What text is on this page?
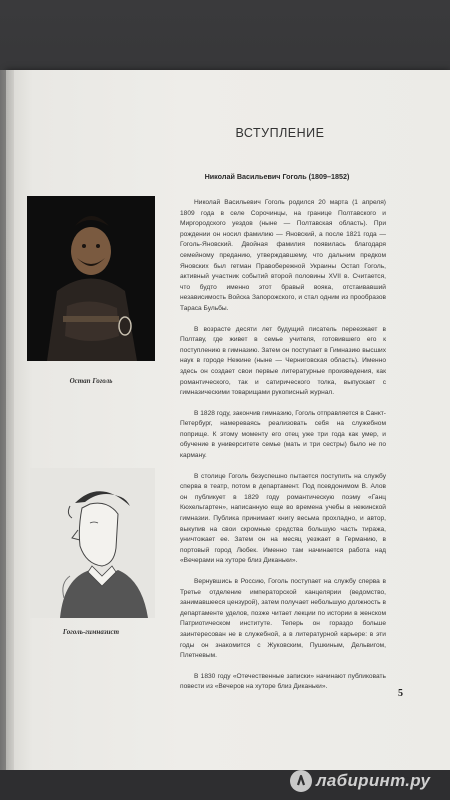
ВСТУПЛЕНИЕ
Николай Васильевич Гоголь (1809–1852)
Остап Гоголь
Гоголь-гимназист

Николай Васильевич Гоголь родился 20 марта (1 апреля) 1809 года в селе Сорочинцы, на границе Полтавского и Миргородского уездов (ныне — Полтавская область). При рождении он носил фамилию — Яновский, а после 1821 года — Гоголь-Яновский. Двойная фамилия появилась благодаря семейному преданию, утверждавшему, что дальним предком Яновских был гетман Правобережной Украины Остап Гоголь, активный участник событий второй половины XVII в. Считается, что будто именно этот бравый вояка, отстаивавший независимость Войска Запорожского, и стал одним из прообразов Тараса Бульбы.

В возрасте десяти лет будущий писатель переезжает в Полтаву, где живет в семье учителя, готовившего его к поступлению в гимназию. Затем он поступает в Гимназию высших наук в городе Нежине (ныне — Черниговская область). Именно здесь он создает свои первые литературные произведения, как романтического, так и сатирического толка, выпускает с гимназическими товарищами рукописный журнал.

В 1828 году, закончив гимназию, Гоголь отправляется в Санкт-Петербург, намереваясь реализовать себя на служебном поприще. К этому моменту его отец уже три года как умер, и обучение в университете семье (мать и три сестры) было не по карману.

В столице Гоголь безуспешно пытается поступить на службу сперва в театр, потом в департамент. Под псевдонимом В. Алов он публикует в 1829 году романтическую поэму «Ганц Кюхельгартен», написанную еще во времена учебы в нежинской гимназии. Публика принимает книгу весьма прохладно, и автор, выкупив на свои скромные средства большую часть тиража, уничтожает ее. Затем он на месяц уезжает в Германию, в портовый город Любек. Именно там начинается работа над «Вечерами на хуторе близ Диканьки».

Вернувшись в Россию, Гоголь поступает на службу сперва в Третье отделение императорской канцелярии (ведомство, занимавшееся цензурой), затем получает небольшую должность в департаменте уделов, позже читает лекции по истории в женском Патриотическом институте. Теперь он гораздо больше заинтересован не в служебной, а в литературной карьере: в эти годы он знакомится с Жуковским, Пушкиным, Дельвигом, Плетневым.

В 1830 году «Отечественные записки» начинают публиковать повести из «Вечеров на хуторе близ Диканьки».

5
лабиринт.ру
